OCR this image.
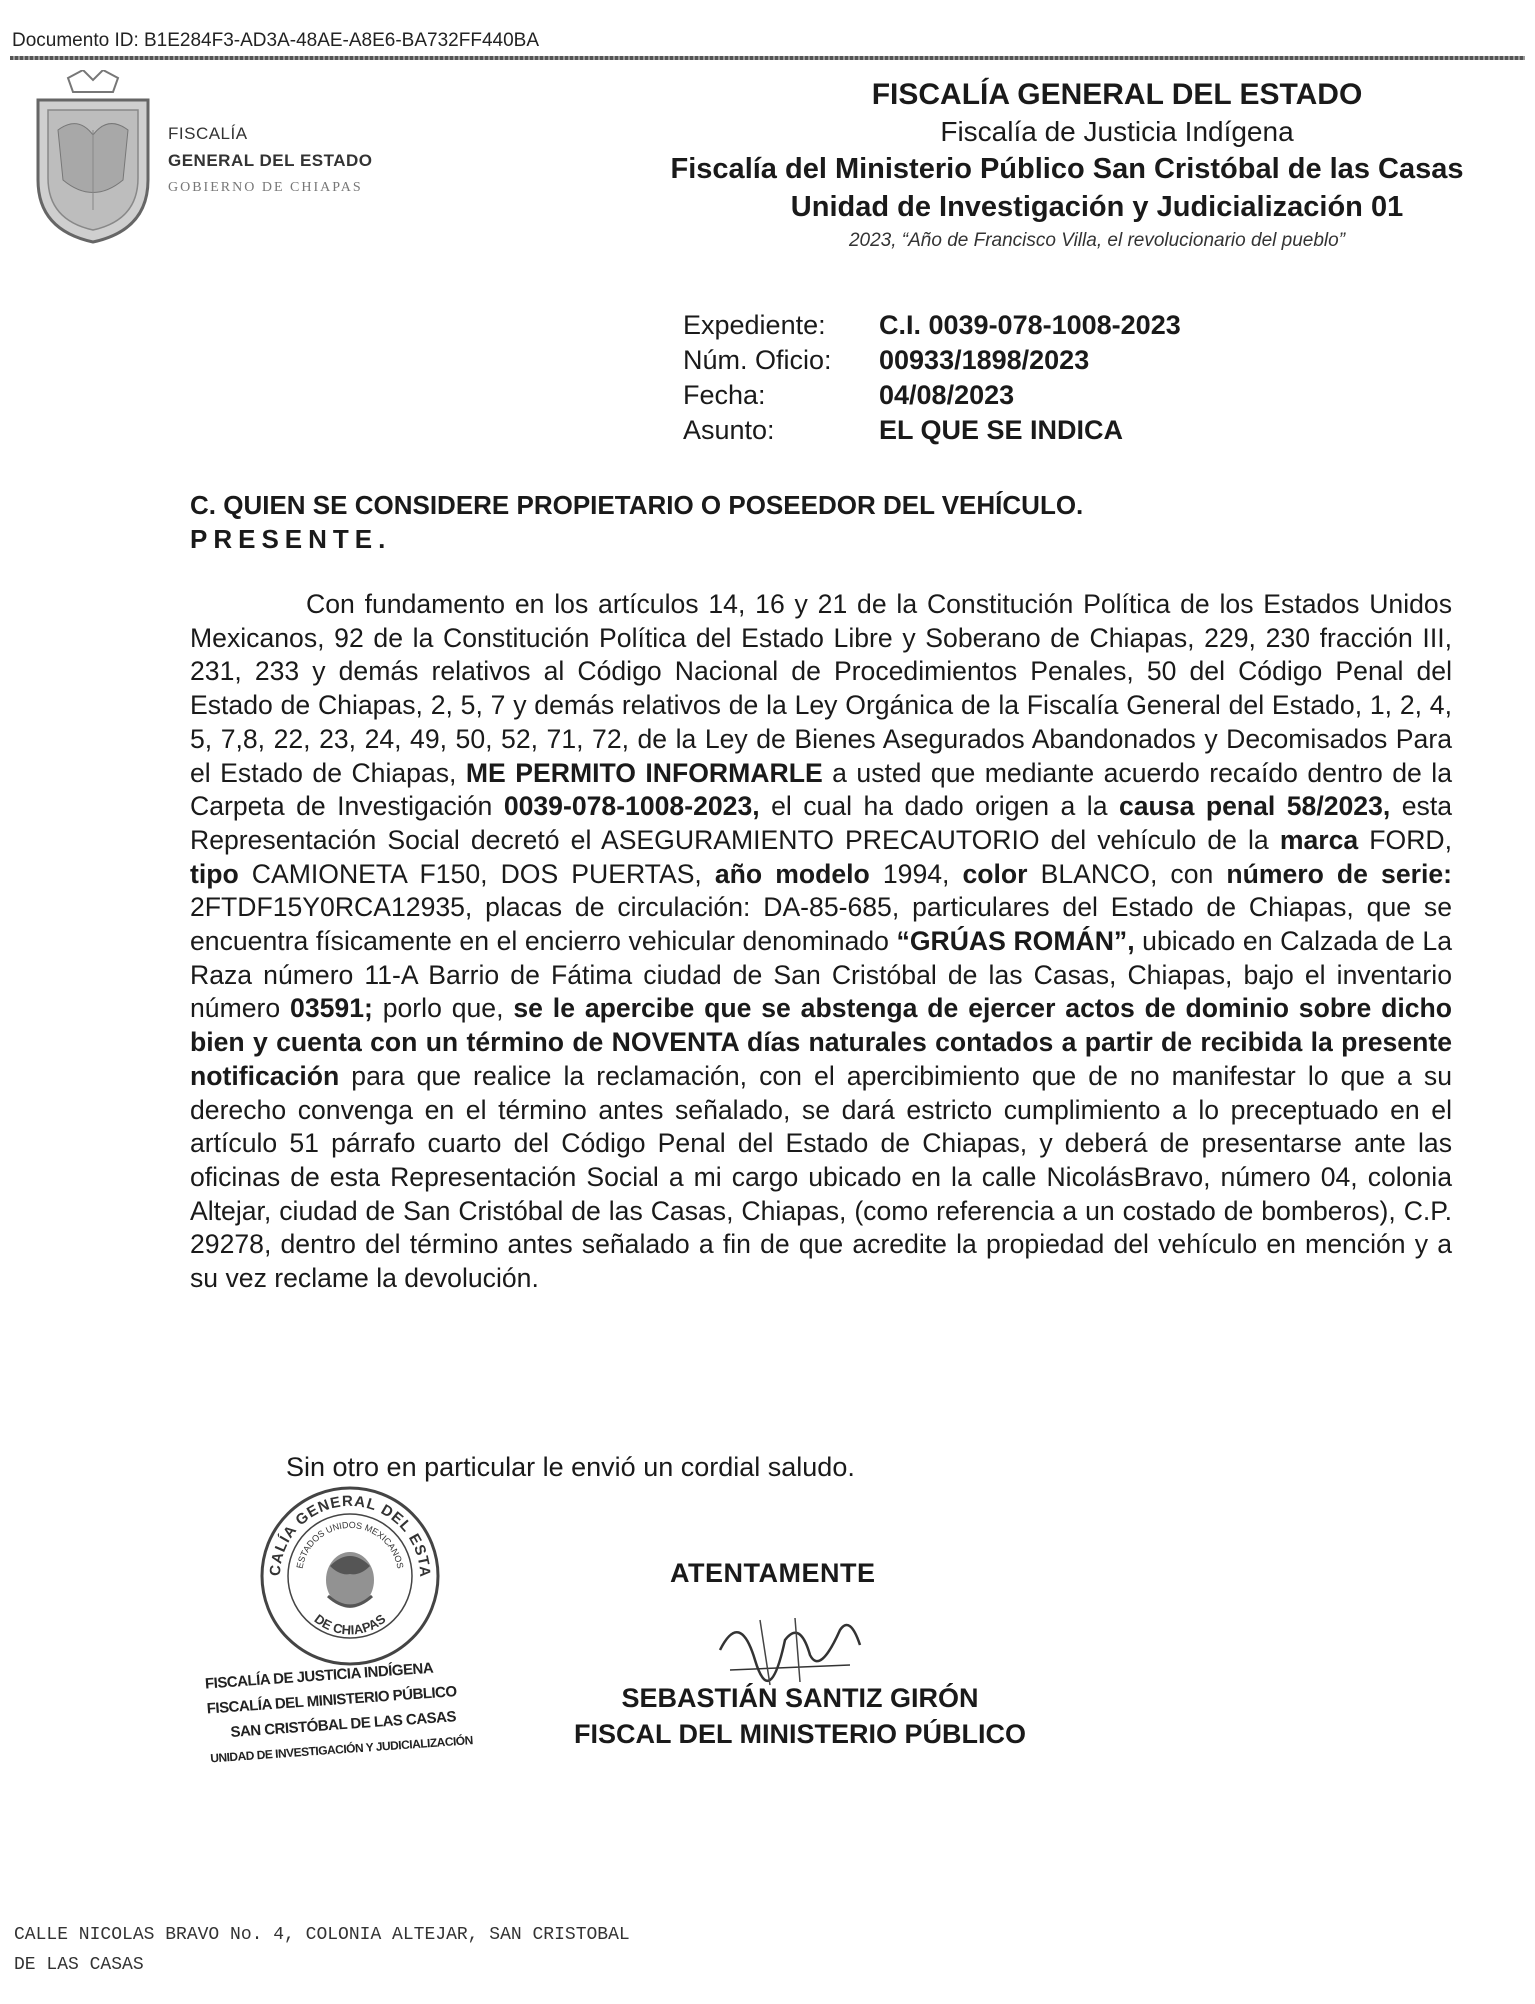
Documento ID: B1E284F3-AD3A-48AE-A8E6-BA732FF440BA
FISCALÍA
GENERAL DEL ESTADO
GOBIERNO DE CHIAPAS
FISCALÍA GENERAL DEL ESTADO
Fiscalía de Justicia Indígena
Fiscalía del Ministerio Público San Cristóbal de las Casas
Unidad de Investigación y Judicialización 01
2023, “Año de Francisco Villa, el revolucionario del pueblo”
Expediente:	C.I. 0039-078-1008-2023
Núm. Oficio:	00933/1898/2023
Fecha:	04/08/2023
Asunto:	EL QUE SE INDICA
C. QUIEN SE CONSIDERE PROPIETARIO O POSEEDOR DEL VEHÍCULO.
PRESENTE.

Con fundamento en los artículos 14, 16 y 21 de la Constitución Política de los Estados Unidos Mexicanos, 92 de la Constitución Política del Estado Libre y Soberano de Chiapas, 229, 230 fracción III, 231, 233 y demás relativos al Código Nacional de Procedimientos Penales, 50 del Código Penal del Estado de Chiapas, 2, 5, 7 y demás relativos de la Ley Orgánica de la Fiscalía General del Estado, 1, 2, 4, 5, 7,8, 22, 23, 24, 49, 50, 52, 71, 72, de la Ley de Bienes Asegurados Abandonados y Decomisados Para el Estado de Chiapas, ME PERMITO INFORMARLE a usted que mediante acuerdo recaído dentro de la Carpeta de Investigación 0039-078-1008-2023, el cual ha dado origen a la causa penal 58/2023, esta Representación Social decretó el ASEGURAMIENTO PRECAUTORIO del vehículo de la marca FORD, tipo CAMIONETA F150, DOS PUERTAS, año modelo 1994, color BLANCO, con número de serie: 2FTDF15Y0RCA12935, placas de circulación: DA-85-685, particulares del Estado de Chiapas, que se encuentra físicamente en el encierro vehicular denominado “GRÚAS ROMÁN”, ubicado en Calzada de La Raza número 11-A Barrio de Fátima ciudad de San Cristóbal de las Casas, Chiapas, bajo el inventario número 03591; porlo que, se le apercibe que se abstenga de ejercer actos de dominio sobre dicho bien y cuenta con un término de NOVENTA días naturales contados a partir de recibida la presente notificación para que realice la reclamación, con el apercibimiento que de no manifestar lo que a su derecho convenga en el término antes señalado, se dará estricto cumplimiento a lo preceptuado en el artículo 51 párrafo cuarto del Código Penal del Estado de Chiapas, y deberá de presentarse ante las oficinas de esta Representación Social a mi cargo ubicado en la calle NicolásBravo, número 04, colonia Altejar, ciudad de San Cristóbal de las Casas, Chiapas, (como referencia a un costado de bomberos), C.P. 29278, dentro del término antes señalado a fin de que acredite la propiedad del vehículo en mención y a su vez reclame la devolución.

Sin otro en particular le envió un cordial saludo.
CALÍA GENERAL DEL ESTA
ESTADOS UNIDOS MEXICANOS
DE CHIAPAS
FISCALÍA DE JUSTICIA INDÍGENA
FISCALÍA DEL MINISTERIO PÚBLICO
SAN CRISTÓBAL DE LAS CASAS
UNIDAD DE INVESTIGACIÓN Y JUDICIALIZACIÓN
ATENTAMENTE
SEBASTIÁN SANTIZ GIRÓN
FISCAL DEL MINISTERIO PÚBLICO
CALLE NICOLAS BRAVO No. 4, COLONIA ALTEJAR, SAN CRISTOBAL
DE LAS CASAS
